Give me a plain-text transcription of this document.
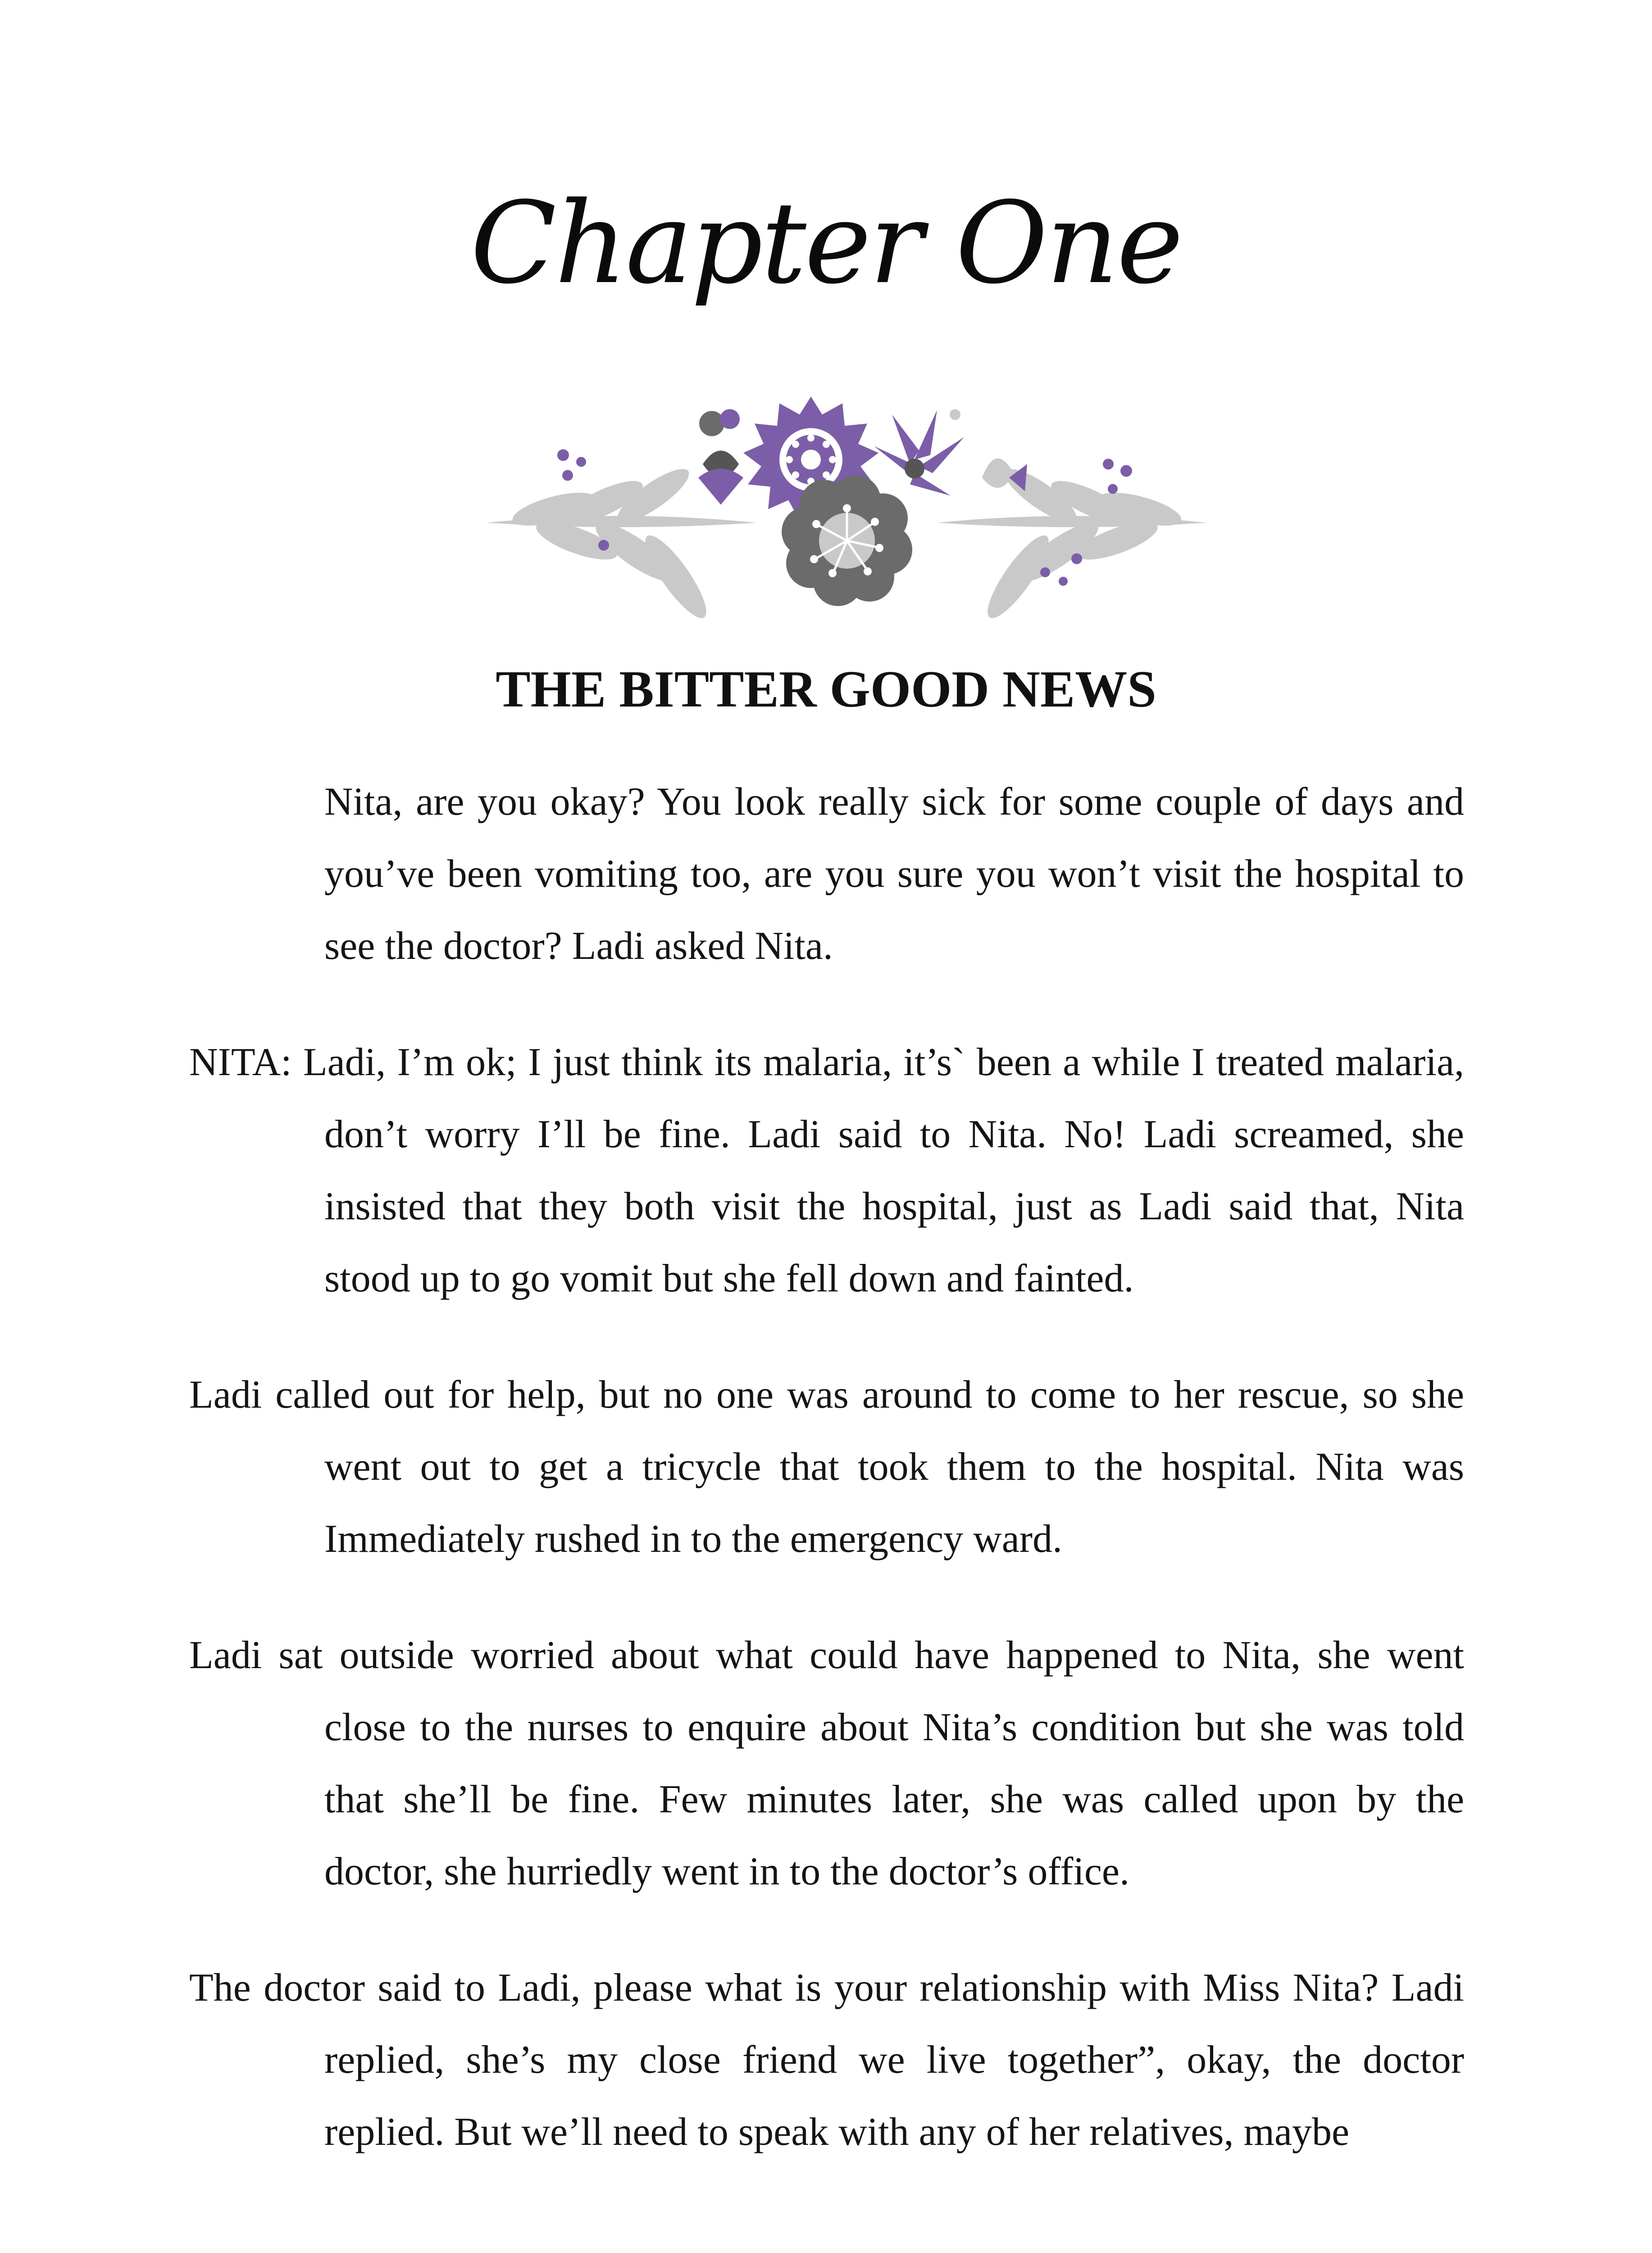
Chapter One
THE BITTER GOOD NEWS

Nita, are you okay? You look really sick for some couple of days and you’ve been vomiting too, are you sure you won’t visit the hospital to see the doctor? Ladi asked Nita.

NITA: Ladi, I’m ok; I just think its malaria, it’s` been a while I treated malaria, don’t worry I’ll be fine. Ladi said to Nita. No! Ladi screamed, she insisted that they both visit the hospital, just as Ladi said that, Nita stood up to go vomit but she fell down and fainted.

Ladi called out for help, but no one was around to come to her rescue, so she went out to get a tricycle that took them to the hospital. Nita was Immediately rushed in to the emergency ward.

Ladi sat outside worried about what could have happened to Nita, she went close to the nurses to enquire about Nita’s condition but she was told that she’ll be fine. Few minutes later, she was called upon by the doctor, she hurriedly went in to the doctor’s office.

The doctor said to Ladi, please what is your relationship with Miss Nita? Ladi replied, she’s my close friend we live together”, okay, the doctor replied. But we’ll need to speak with any of her relatives, maybe
